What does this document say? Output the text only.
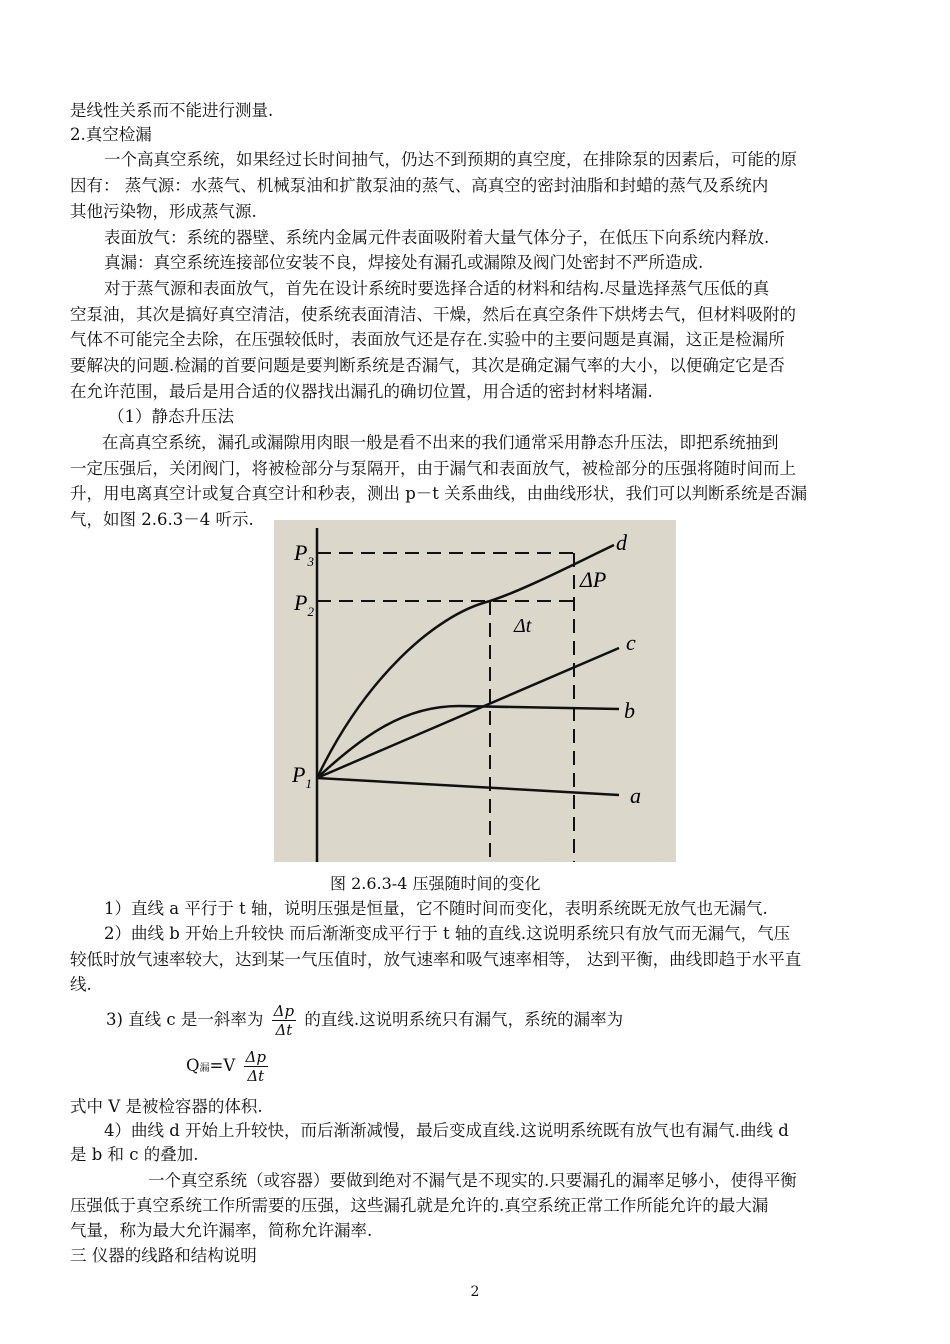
是线性关系而不能进行测量.
2.真空检漏
一个高真空系统，如果经过长时间抽气，仍达不到预期的真空度，在排除泵的因素后，可能的原
因有： 蒸气源：水蒸气、机械泵油和扩散泵油的蒸气、高真空的密封油脂和封蜡的蒸气及系统内
其他污染物，形成蒸气源.
表面放气：系统的器壁、系统内金属元件表面吸附着大量气体分子，在低压下向系统内释放.
真漏：真空系统连接部位安装不良，焊接处有漏孔或漏隙及阀门处密封不严所造成.
对于蒸气源和表面放气，首先在设计系统时要选择合适的材料和结构.尽量选择蒸气压低的真
空泵油，其次是搞好真空清洁，使系统表面清洁、干燥，然后在真空条件下烘烤去气，但材料吸附的
气体不可能完全去除，在压强较低时，表面放气还是存在.实验中的主要问题是真漏，这正是检漏所
要解决的问题.检漏的首要问题是要判断系统是否漏气，其次是确定漏气率的大小，以便确定它是否
在允许范围，最后是用合适的仪器找出漏孔的确切位置，用合适的密封材料堵漏.
（1）静态升压法
在高真空系统，漏孔或漏隙用肉眼一般是看不出来的我们通常采用静态升压法，即把系统抽到
一定压强后，关闭阀门，将被检部分与泵隔开，由于漏气和表面放气，被检部分的压强将随时间而上
升，用电离真空计或复合真空计和秒表，测出 p－t 关系曲线，由曲线形状，我们可以判断系统是否漏
气，如图 2.6.3－4 听示.
$P_3$
$P_2$
$P_1$
ΔP
Δt
a
b
c
d
图 2.6.3-4 压强随时间的变化
1）直线 a 平行于 t 轴，说明压强是恒量，它不随时间而变化，表明系统既无放气也无漏气.
2）曲线 b 开始上升较快 而后渐渐变成平行于 t 轴的直线.这说明系统只有放气而无漏气，气压
较低时放气速率较大，达到某一气压值时，放气速率和吸气速率相等， 达到平衡，曲线即趋于水平直
线.
3) 直线 c 是一斜率为 $\frac{\Delta p}{\Delta t}$ 的直线.这说明系统只有漏气，系统的漏率为
Q漏$=V \frac{\Delta p}{\Delta t}$
式中 V 是被检容器的体积.
4）曲线 d 开始上升较快，而后渐渐减慢，最后变成直线.这说明系统既有放气也有漏气.曲线 d
是 b 和 c 的叠加.
一个真空系统（或容器）要做到绝对不漏气是不现实的.只要漏孔的漏率足够小，使得平衡
压强低于真空系统工作所需要的压强，这些漏孔就是允许的.真空系统正常工作所能允许的最大漏
气量，称为最大允许漏率，简称允许漏率.
三 仪器的线路和结构说明
2
